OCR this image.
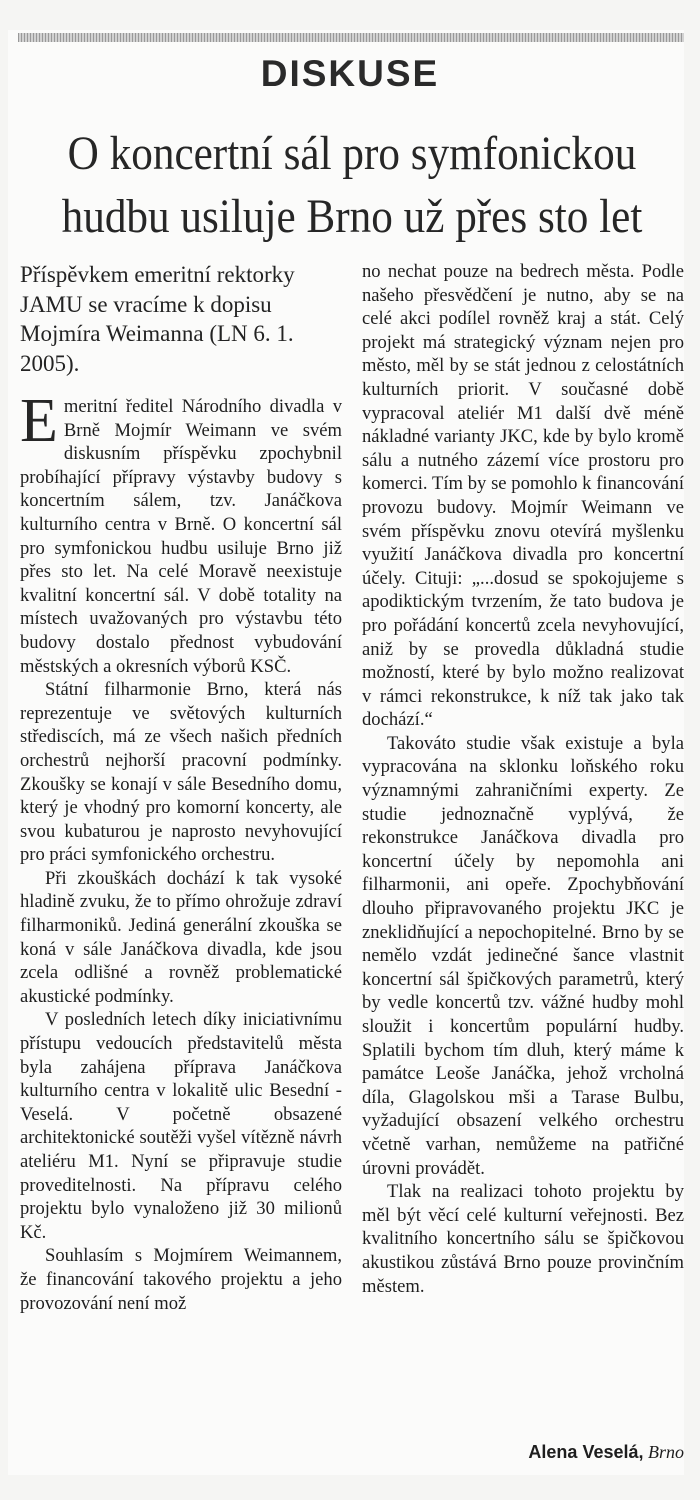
DISKUSE
O koncertní sál pro symfonickou
hudbu usiluje Brno už přes sto let

Příspěvkem emeritní rektorky JAMU se vracíme k dopisu Mojmíra Weimanna (LN 6. 1. 2005).

Emeritní ředitel Národního divadla v Brně Mojmír Weimann ve svém diskusním příspěvku zpochybnil probíhající přípravy výstavby budovy s koncertním sálem, tzv. Janáčkova kulturního centra v Brně. O koncertní sál pro symfonickou hudbu usiluje Brno již přes sto let. Na celé Moravě neexistuje kvalitní koncertní sál. V době totality na místech uvažovaných pro výstavbu této budovy dostalo přednost vybudování městských a okresních výborů KSČ.

Státní filharmonie Brno, která nás reprezentuje ve světových kulturních střediscích, má ze všech našich předních orchestrů nejhorší pracovní podmínky. Zkoušky se konají v sále Besedního domu, který je vhodný pro komorní koncerty, ale svou kubaturou je naprosto nevyhovující pro práci symfonického orchestru.

Při zkouškách dochází k tak vysoké hladině zvuku, že to přímo ohrožuje zdraví filharmoniků. Jediná generální zkouška se koná v sále Janáčkova divadla, kde jsou zcela odlišné a rovněž problematické akustické podmínky.

V posledních letech díky iniciativnímu přístupu vedoucích představitelů města byla zahájena příprava Janáčkova kulturního centra v lokalitě ulic Besední - Veselá. V početně obsazené architektonické soutěži vyšel vítězně návrh ateliéru M1. Nyní se připravuje studie proveditelnosti. Na přípravu celého projektu bylo vynaloženo již 30 milionů Kč.

Souhlasím s Mojmírem Weimannem, že financování takového projektu a jeho provozování není mož

no nechat pouze na bedrech města. Podle našeho přesvědčení je nutno, aby se na celé akci podílel rovněž kraj a stát. Celý projekt má strategický význam nejen pro město, měl by se stát jednou z celostátních kulturních priorit. V současné době vypracoval ateliér M1 další dvě méně nákladné varianty JKC, kde by bylo kromě sálu a nutného zázemí více prostoru pro komerci. Tím by se pomohlo k financování provozu budovy. Mojmír Weimann ve svém příspěvku znovu otevírá myšlenku využití Janáčkova divadla pro koncertní účely. Cituji: „...dosud se spokojujeme s apodiktickým tvrzením, že tato budova je pro pořádání koncertů zcela nevyhovující, aniž by se provedla důkladná studie možností, které by bylo možno realizovat v rámci rekonstrukce, k níž tak jako tak dochází.“

Takováto studie však existuje a byla vypracována na sklonku loňského roku významnými zahraničními experty. Ze studie jednoznačně vyplývá, že rekonstrukce Janáčkova divadla pro koncertní účely by nepomohla ani filharmonii, ani opeře. Zpochybňování dlouho připravovaného projektu JKC je zneklidňující a nepochopitelné. Brno by se nemělo vzdát jedinečné šance vlastnit koncertní sál špičkových parametrů, který by vedle koncertů tzv. vážné hudby mohl sloužit i koncertům populární hudby. Splatili bychom tím dluh, který máme k památce Leoše Janáčka, jehož vrcholná díla, Glagolskou mši a Tarase Bulbu, vyžadující obsazení velkého orchestru včetně varhan, nemůžeme na patřičné úrovni provádět.

Tlak na realizaci tohoto projektu by měl být věcí celé kulturní veřejnosti. Bez kvalitního koncertního sálu se špičkovou akustikou zůstává Brno pouze provinčním městem.

Alena Veselá, Brno
